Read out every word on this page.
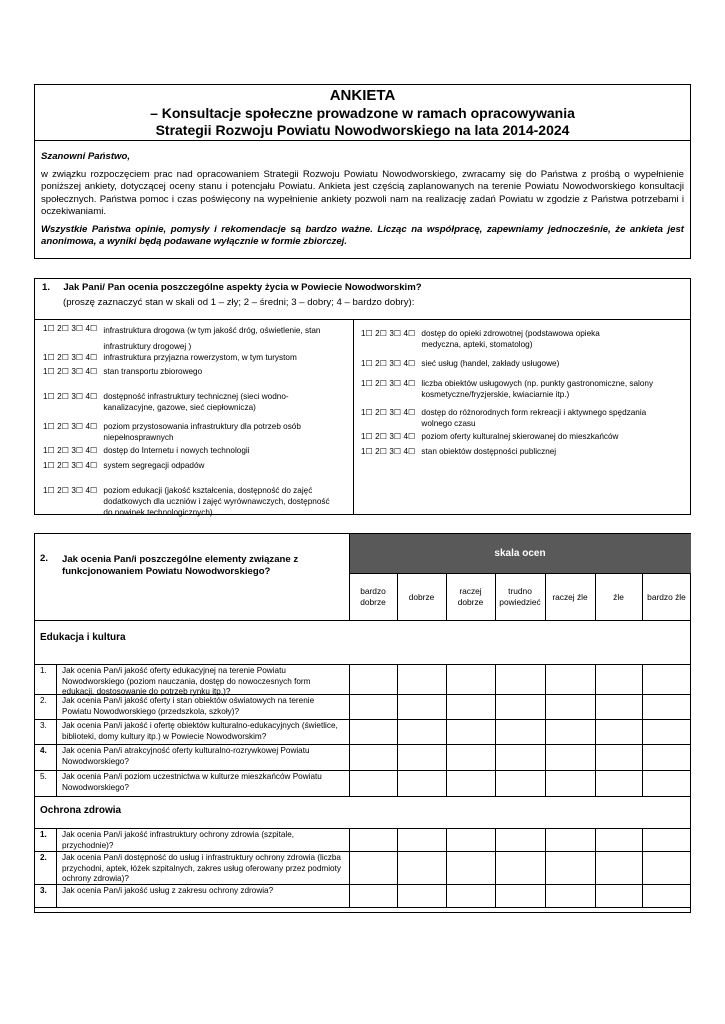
ANKIETA
– Konsultacje społeczne prowadzone w ramach opracowywania
Strategii Rozwoju Powiatu Nowodworskiego na lata 2014-2024
Szanowni Państwo,
w związku rozpoczęciem prac nad opracowaniem Strategii Rozwoju Powiatu Nowodworskiego, zwracamy się do Państwa z prośbą o wypełnienie poniższej ankiety, dotyczącej oceny stanu i potencjału Powiatu. Ankieta jest częścią zaplanowanych na terenie Powiatu Nowodworskiego konsultacji społecznych. Państwa pomoc i czas poświęcony na wypełnienie ankiety pozwoli nam na realizację zadań Powiatu w zgodzie z Państwa potrzebami i oczekiwaniami.
Wszystkie Państwa opinie, pomysły i rekomendacje są bardzo ważne. Licząc na współpracę, zapewniamy jednocześnie, że ankieta jest anonimowa, a wyniki będą podawane wyłącznie w formie zbiorczej.
1.     Jak Pani/ Pan ocenia poszczególne aspekty życia w Powiecie Nowodworskim?
(proszę zaznaczyć stan w skali od 1 – zły; 2 – średni; 3 – dobry; 4 – bardzo dobry):
1☐ 2☐ 3☐ 4☐ infrastruktura drogowa (w tym jakość dróg, oświetlenie, stan infrastruktury drogowej )
1☐ 2☐ 3☐ 4☐ infrastruktura przyjazna rowerzystom, w tym turystom
1☐ 2☐ 3☐ 4☐ stan transportu zbiorowego
1☐ 2☐ 3☐ 4☐ dostępność infrastruktury technicznej (sieci wodno-kanalizacyjne, gazowe, sieć ciepłownicza)
1☐ 2☐ 3☐ 4☐ poziom przystosowania infrastruktury dla potrzeb osób niepełnosprawnych
1☐ 2☐ 3☐ 4☐ dostęp do Internetu i nowych technologii
1☐ 2☐ 3☐ 4☐ system segregacji odpadów
1☐ 2☐ 3☐ 4☐ poziom edukacji (jakość kształcenia, dostępność do zajęć dodatkowych dla uczniów i zajęć wyrównawczych, dostępność do nowinek technologicznych)
1☐ 2☐ 3☐ 4☐ dostęp do opieki zdrowotnej (podstawowa opieka medyczna, apteki, stomatolog)
1☐ 2☐ 3☐ 4☐ sieć usług (handel, zakłady usługowe)
1☐ 2☐ 3☐ 4☐ liczba obiektów usługowych (np. punkty gastronomiczne, salony kosmetyczne/fryzjerskie, kwiaciarnie itp.)
1☐ 2☐ 3☐ 4☐ dostęp do różnorodnych form rekreacji i aktywnego spędzania wolnego czasu
1☐ 2☐ 3☐ 4☐ poziom oferty kulturalnej skierowanej do mieszkańców
1☐ 2☐ 3☐ 4☐ stan obiektów dostępności publicznej
2. Jak ocenia Pan/i poszczególne elementy związane z funkcjonowaniem Powiatu Nowodworskiego?
skala ocen
bardzo dobrze
dobrze
raczej dobrze
trudno powiedzieć
raczej źle	źle	bardzo źle
Edukacja i kultura
1. Jak ocenia Pan/i jakość oferty edukacyjnej na terenie Powiatu Nowodworskiego (poziom nauczania, dostęp do nowoczesnych form edukacji, dostosowanie do potrzeb rynku itp.)?
2. Jak ocenia Pan/i jakość oferty i stan obiektów oświatowych na terenie Powiatu Nowodworskiego (przedszkola, szkoły)?
3. Jak ocenia Pan/i jakość i ofertę obiektów kulturalno-edukacyjnych (świetlice, biblioteki, domy kultury itp.) w Powiecie Nowodworskim?
4. Jak ocenia Pan/i atrakcyjność oferty kulturalno-rozrywkowej Powiatu Nowodworskiego?
5. Jak ocenia Pan/i poziom uczestnictwa w kulturze mieszkańców Powiatu Nowodworskiego?
Ochrona zdrowia
1. Jak ocenia Pan/i jakość infrastruktury ochrony zdrowia (szpitale, przychodnie)?
2. Jak ocenia Pan/i dostępność do usług i infrastruktury ochrony zdrowia (liczba przychodni, aptek, łóżek szpitalnych, zakres usług oferowany przez podmioty ochrony zdrowia)?
3. Jak ocenia Pan/i jakość usług z zakresu ochrony zdrowia?
